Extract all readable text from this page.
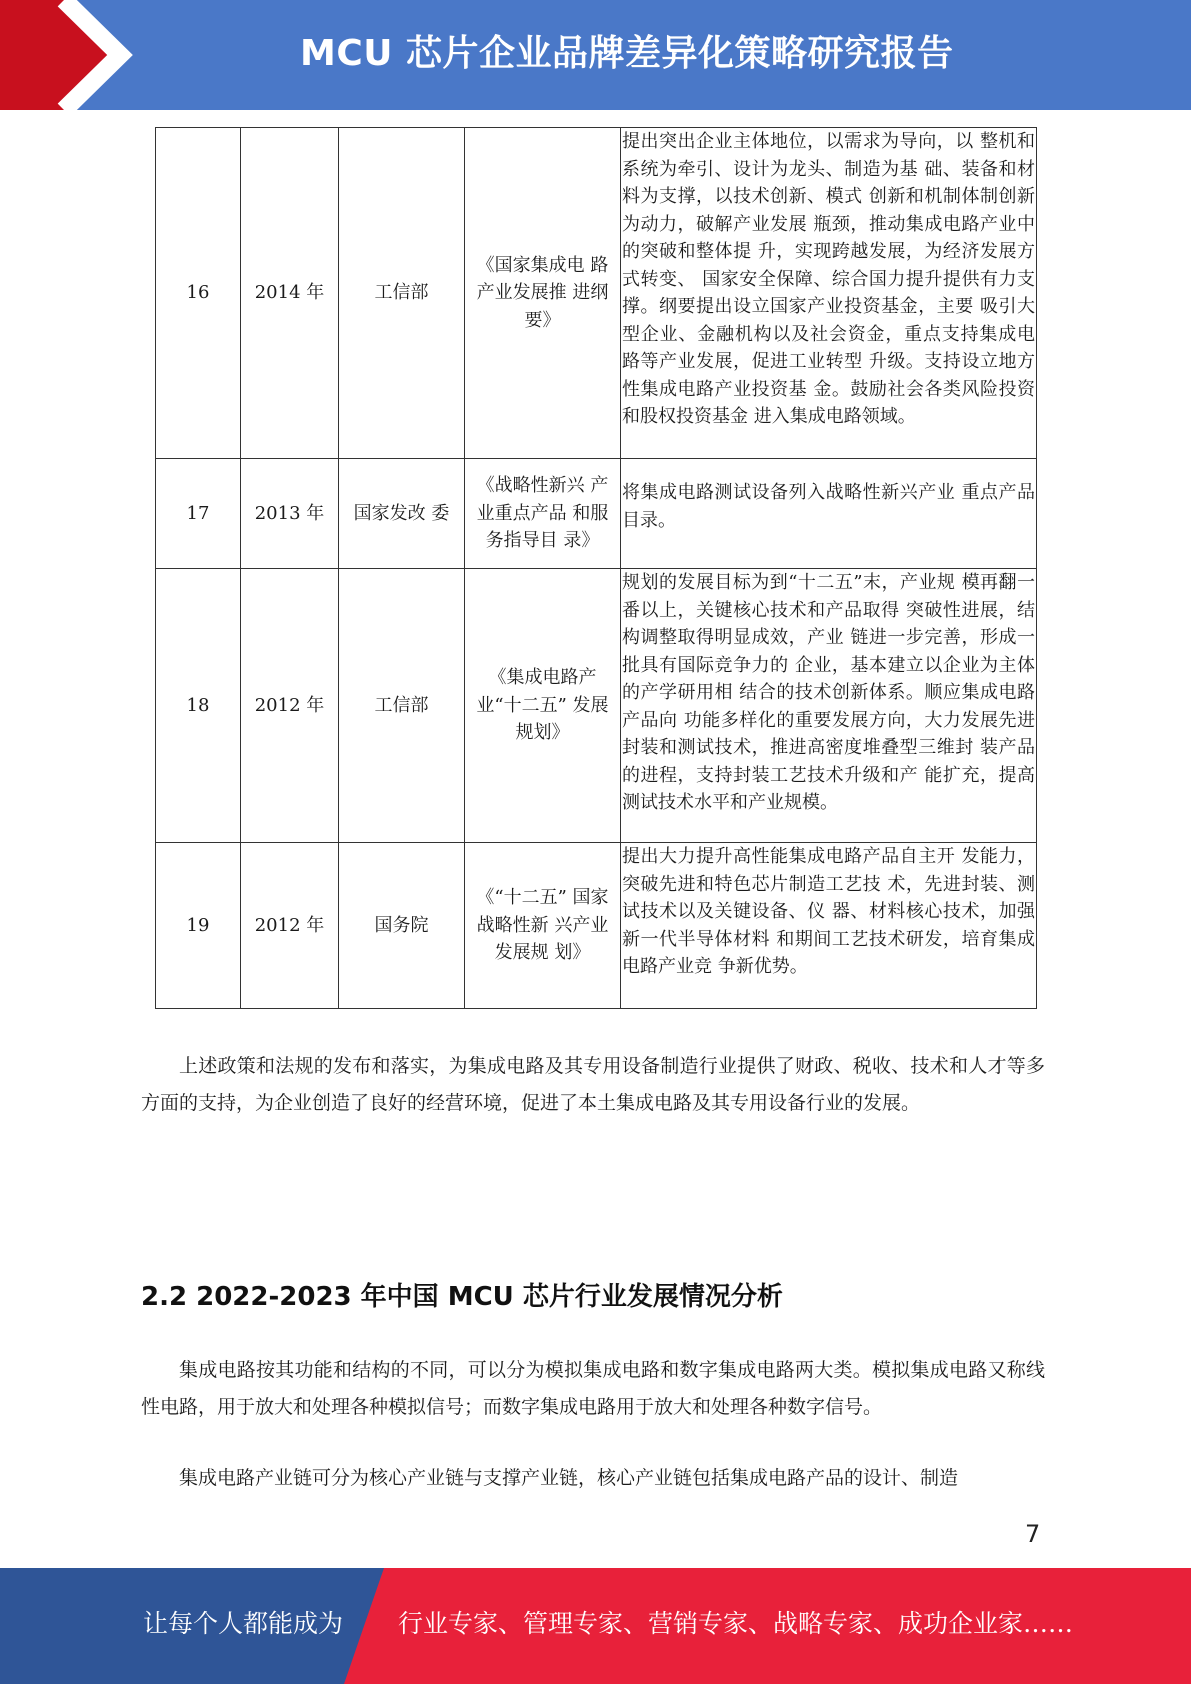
MCU 芯片企业品牌差异化策略研究报告
16	2014 年	工信部	《国家集成电 路产业发展推 进纲要》	提出突出企业主体地位，以需求为导向，以 整机和系统为牵引、设计为龙头、制造为基 础、装备和材料为支撑，以技术创新、模式 创新和机制体制创新为动力，破解产业发展 瓶颈，推动集成电路产业中的突破和整体提 升，实现跨越发展，为经济发展方式转变、 国家安全保障、综合国力提升提供有力支 撑。纲要提出设立国家产业投资基金，主要 吸引大型企业、金融机构以及社会资金，重点支持集成电路等产业发展，促进工业转型 升级。支持设立地方性集成电路产业投资基 金。鼓励社会各类风险投资和股权投资基金 进入集成电路领域。
17	2013 年	国家发改 委	《战略性新兴 产业重点产品 和服务指导目 录》	将集成电路测试设备列入战略性新兴产业 重点产品目录。
18	2012 年	工信部	《集成电路产 业“十二五” 发展规划》	规划的发展目标为到“十二五”末，产业规 模再翻一番以上，关键核心技术和产品取得 突破性进展，结构调整取得明显成效，产业 链进一步完善，形成一批具有国际竞争力的 企业，基本建立以企业为主体的产学研用相 结合的技术创新体系。顺应集成电路产品向 功能多样化的重要发展方向，大力发展先进 封装和测试技术，推进高密度堆叠型三维封 装产品的进程，支持封装工艺技术升级和产 能扩充，提高测试技术水平和产业规模。
19	2012 年	国务院	《“十二五” 国家战略性新 兴产业发展规 划》	提出大力提升高性能集成电路产品自主开 发能力，突破先进和特色芯片制造工艺技 术，先进封装、测试技术以及关键设备、仪 器、材料核心技术，加强新一代半导体材料 和期间工艺技术研发，培育集成电路产业竞 争新优势。

上述政策和法规的发布和落实，为集成电路及其专用设备制造行业提供了财政、税收、技术和人才等多方面的支持，为企业创造了良好的经营环境，促进了本土集成电路及其专用设备行业的发展。

2.2 2022-2023 年中国 MCU 芯片行业发展情况分析

集成电路按其功能和结构的不同，可以分为模拟集成电路和数字集成电路两大类。模拟集成电路又称线性电路，用于放大和处理各种模拟信号；而数字集成电路用于放大和处理各种数字信号。

集成电路产业链可分为核心产业链与支撑产业链，核心产业链包括集成电路产品的设计、制造

7
让每个人都能成为 行业专家、管理专家、营销专家、战略专家、成功企业家……
